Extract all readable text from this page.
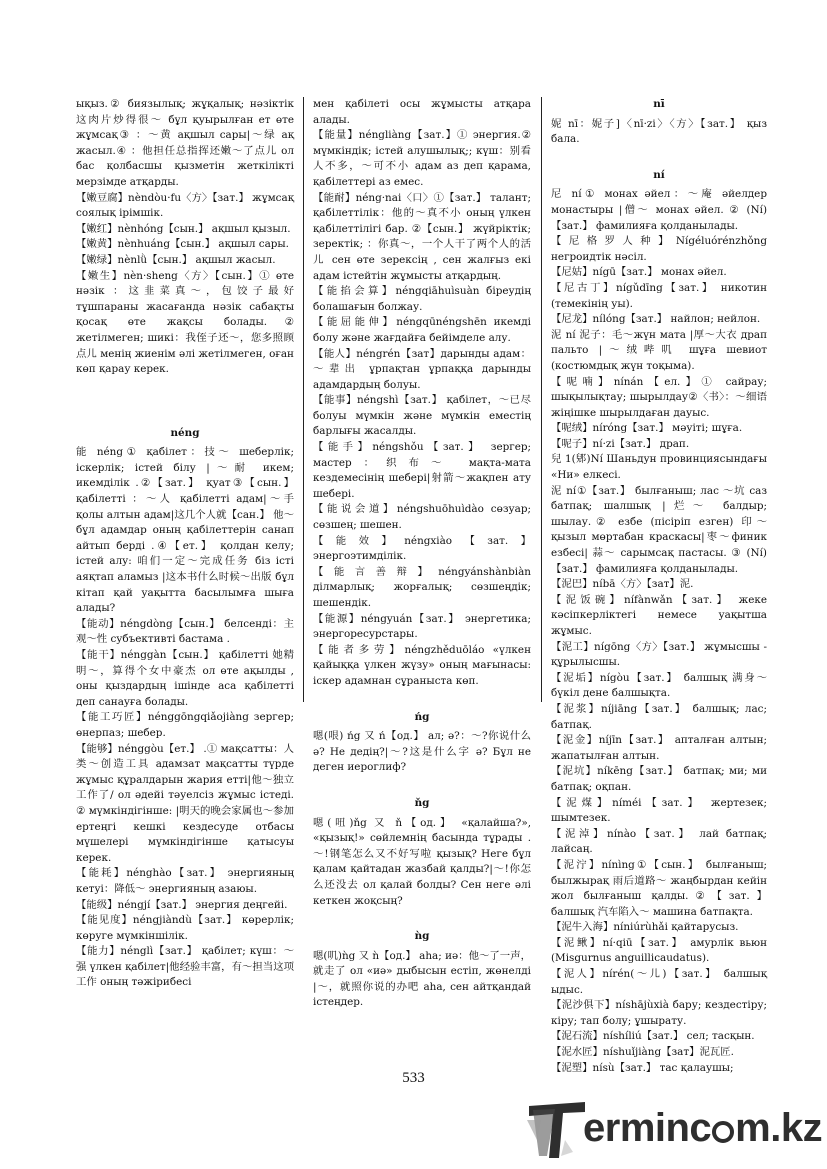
ықыз.② биязылық; жұқалық; нәзіктік 这肉片炒得很～ бұл қуырылған ет өте жұмсақ③ ：～黄 ақшыл сары|～绿 ақ жасыл.④ ：他担任总指挥还嫩～了点儿 ол бас қолбасшы қызметін жеткілікті мерзімде атқарды.

【嫩豆腐】nèndòu·fu〈方〉【зат.】 жұмсақ соялық ірімшік.

【嫩红】nènhóng【сын.】 ақшыл қызыл.

【嫩黄】nènhuáng【сын.】 ақшыл сары.

【嫩绿】nènlǜ【сын.】 ақшыл жасыл.

【嫩生】nèn·sheng〈方〉【сын.】① өте нәзік ：这韭菜真～，包饺子最好 тұшпараны жасағанда нәзік сабақты қосақ өте жақсы болады.② жетілмеген; шикі：我侄子还～，您多照顾点儿 менің жиенім әлі жетілмеген, оған көп қарау керек.

néng

能 néng① қабілет：技～ шеберлік; іскерлік; істей білу |～耐 икем; икемділік .②【зат.】 қуат③【сын.】 қабілетті ：～人 қабілетті адам|～手 қолы алтын адам|这几个人就【сан.】 他～ бұл адамдар оның қабілеттерін санап айтып берді .④【ет.】 қолдан келу; істей алу: 咱们一定～完成任务 біз істі аяқтап аламыз |这本书什么时候～出版 бұл кітап қай уақытта басылымға шыға алады?

【能动】néngdòng【сын.】 белсенді：主观～性 субъективті бастама .

【能干】nénggàn【сын.】 қабілетті 她精明～，算得个女中豪杰 ол өте ақылды , оны қыздардың ішінде аса қабілетті деп санауға болады.

【能工巧匠】nénggōngqiǎojiàng зергер; өнерпаз; шебер.

【能够】nénggòu【ет.】 .① мақсатты：人类～创造工具 адамзат мақсатты түрде жұмыс құралдарын жария етті|他～独立工作了/ ол әдейі тәуелсіз жұмыс істеді. ② мүмкіндігінше: |明天的晚会家属也～参加 ертеңгі кешкі кездесуде отбасы мүшелері мүмкіндігінше қатысуы керек.

【能耗】nénghào【зат.】 энергияның кетуі：降低～ энергияның азаюы.

【能级】néngjí【зат.】 энергия деңгейі.

【能见度】néngjiàndù【зат.】 көрерлік; көруге мүмкіншілік.

【能力】nénglì【зат.】 қабілет; күш：～强 үлкен қабілет|他经验丰富，有～担当这项工作 оның тәжірибесі

мен қабілеті осы жұмысты атқара алады.

【能量】néngliàng【зат.】① энергия.② мүмкіндік; істей алушылық;; күш：别看人不多，～可不小 адам аз деп қарама, қабілеттері аз емес.

【能耐】néng·nai〈口〉①【зат.】 талант; қабілеттілік：他的～真不小 оның үлкен қабілеттілігі бар. ②【сын.】 жүйріктік; зеректік; ：你真～，一个人干了两个人的活儿 сен өте зерексің , сен жалғыз екі адам істейтін жұмысты атқардың.

【能掐会算】néngqiāhuìsuàn біреудің болашағын болжау.

【能屈能伸】néngqūnéngshēn икемді болу және жағдайға бейімделе алу.

【能人】néngrén【зат】дарынды адам：～辈出 ұрпақтан ұрпаққа дарынды адамдардың болуы.

【能事】néngshì【зат.】 қабілет，～已尽 болуы мүмкін және мүмкін еместің барлығы жасалды.

【能手】néngshǒu【зат.】 зергер; мастер：织布～ мақта-мата кездемесінің шебері|射箭～жақпен ату шебері.

【能说会道】néngshuōhuìdào сөзуар; сөзшең; шешен.

【能效】néngxiào【зат.】 энергоэтимділік.

【能言善辩】néngyánshànbiàn ділмарлық; жорғалық; сөзшеңдік; шешендік.

【能源】néngyuán【зат.】 энергетика; энергоресурстары.

【能者多劳】néngzhěduōláo «үлкен қайыққа үлкен жүзу» оның мағынасы: іскер адамнан сұраныста көп.

ńg

嗯(哏) ńg 又 ń【од.】 ал; ә?：～?你说什么 ә? Не дедің?|～?这是什么字 ә? Бұл не деген иероглиф?

ňg

嗯(吜)ňg 又 ň【од.】 «қалайша?», «қызық!» сөйлемнің басында тұрады .～!钢笔怎么又不好写啦 қызық? Неге бұл қалам қайтадан жазбай қалды?|～!你怎么还没去 ол қалай болды? Сен неге әлі кеткен жоқсың?

ǹg

嗯(叽)ǹg 又 ǹ【од.】 aha; иә：他～了一声，就走了 ол «иә» дыбысын естіп, жөнелді |～，就照你说的办吧 aha, сен айтқандай істеңдер.

nī

妮 nī：妮子]〈nī·zi〉〈方〉【зат.】 қыз бала.

ní

尼 ní① монах әйел：～庵 әйелдер монастыры |僧～ монах әйел. ② (Ní)【зат.】 фамилияға қолданылады.

【尼格罗人种】Nígéluórénzhǒng негроидтік нәсіл.

【尼姑】nígū【зат.】 монах әйел.

【尼古丁】nígǔdīng【зат.】 никотин (темекінің уы).

【尼龙】nílóng【зат.】 найлон; нейлон.

泥 ní 泥子：毛～жүн мата |厚～大衣 драп пальто |～绒哔叽 шұға шевиот (костюмдық жүн тоқыма).

【呢喃】nínán【ел.】① сайрау; шықылықтау; шырылдау②〈书〉：～细语 жіңішке шырылдаған дауыс.

【呢绒】níróng【зат.】 мәуіті; шұға.

【呢子】ní·zi【зат.】 драп.

兒 1(郳)Ní Шаньдун провинциясындағы «Ни» елкесі.

泥 ní①【зат.】 былғаныш; лас ～坑 саз батпақ; шалшық |烂～ балдыр; шылау.② езбе (пісіріп езген) 印～ қызыл мөртабан краскасы|枣～финик езбесі| 蒜～ сарымсақ пастасы. ③ (Ní)【зат.】 фамилияға қолданылады.

【泥巴】níbā〈方〉【зат】泥.

【泥饭碗】nífànwǎn【зат.】 жеке кәсіпкерліктегі немесе уақытша жұмыс.

【泥工】nígōng〈方〉【зат.】 жұмысшы - құрылысшы.

【泥垢】nígòu【зат.】 балшық 满身～ бүкіл дене балшықта.

【泥浆】níjiāng【зат.】 балшық; лас; батпақ.

【泥金】níjīn【зат.】 апталған алтын; жапатылған алтын.

【泥坑】níkēng【зат.】 батпақ; ми; ми батпақ; оқпан.

【泥煤】níméi【зат.】 жертезек; шымтезек.

【泥淖】nínào【зат.】 лай батпақ; лайсаң.

【泥泞】nínìng①【сын.】 былғаныш; былжырақ 雨后道路～ жаңбырдан кейін жол былғаныш қалды.②【зат.】 балшық 汽车陷入～ машина батпақта.

【泥牛入海】níniúrùhǎi қайтарусыз.

【泥鳅】ní·qiū【зат.】 амурлік вьюн (Misgurnus anguillicaudatus).

【泥人】nírén(～儿)【зат.】 балшық ыдыс.

【泥沙俱下】níshājùxià бару; кездестіру; кіру; тап болу; ұшырату.

【泥石流】níshíliú【зат.】 сел; тасқын.

【泥水匠】níshuǐjiàng【зат】泥瓦匠.

【泥塑】nísù【зат.】 тас қалаушы;

533
erminc m.kz
